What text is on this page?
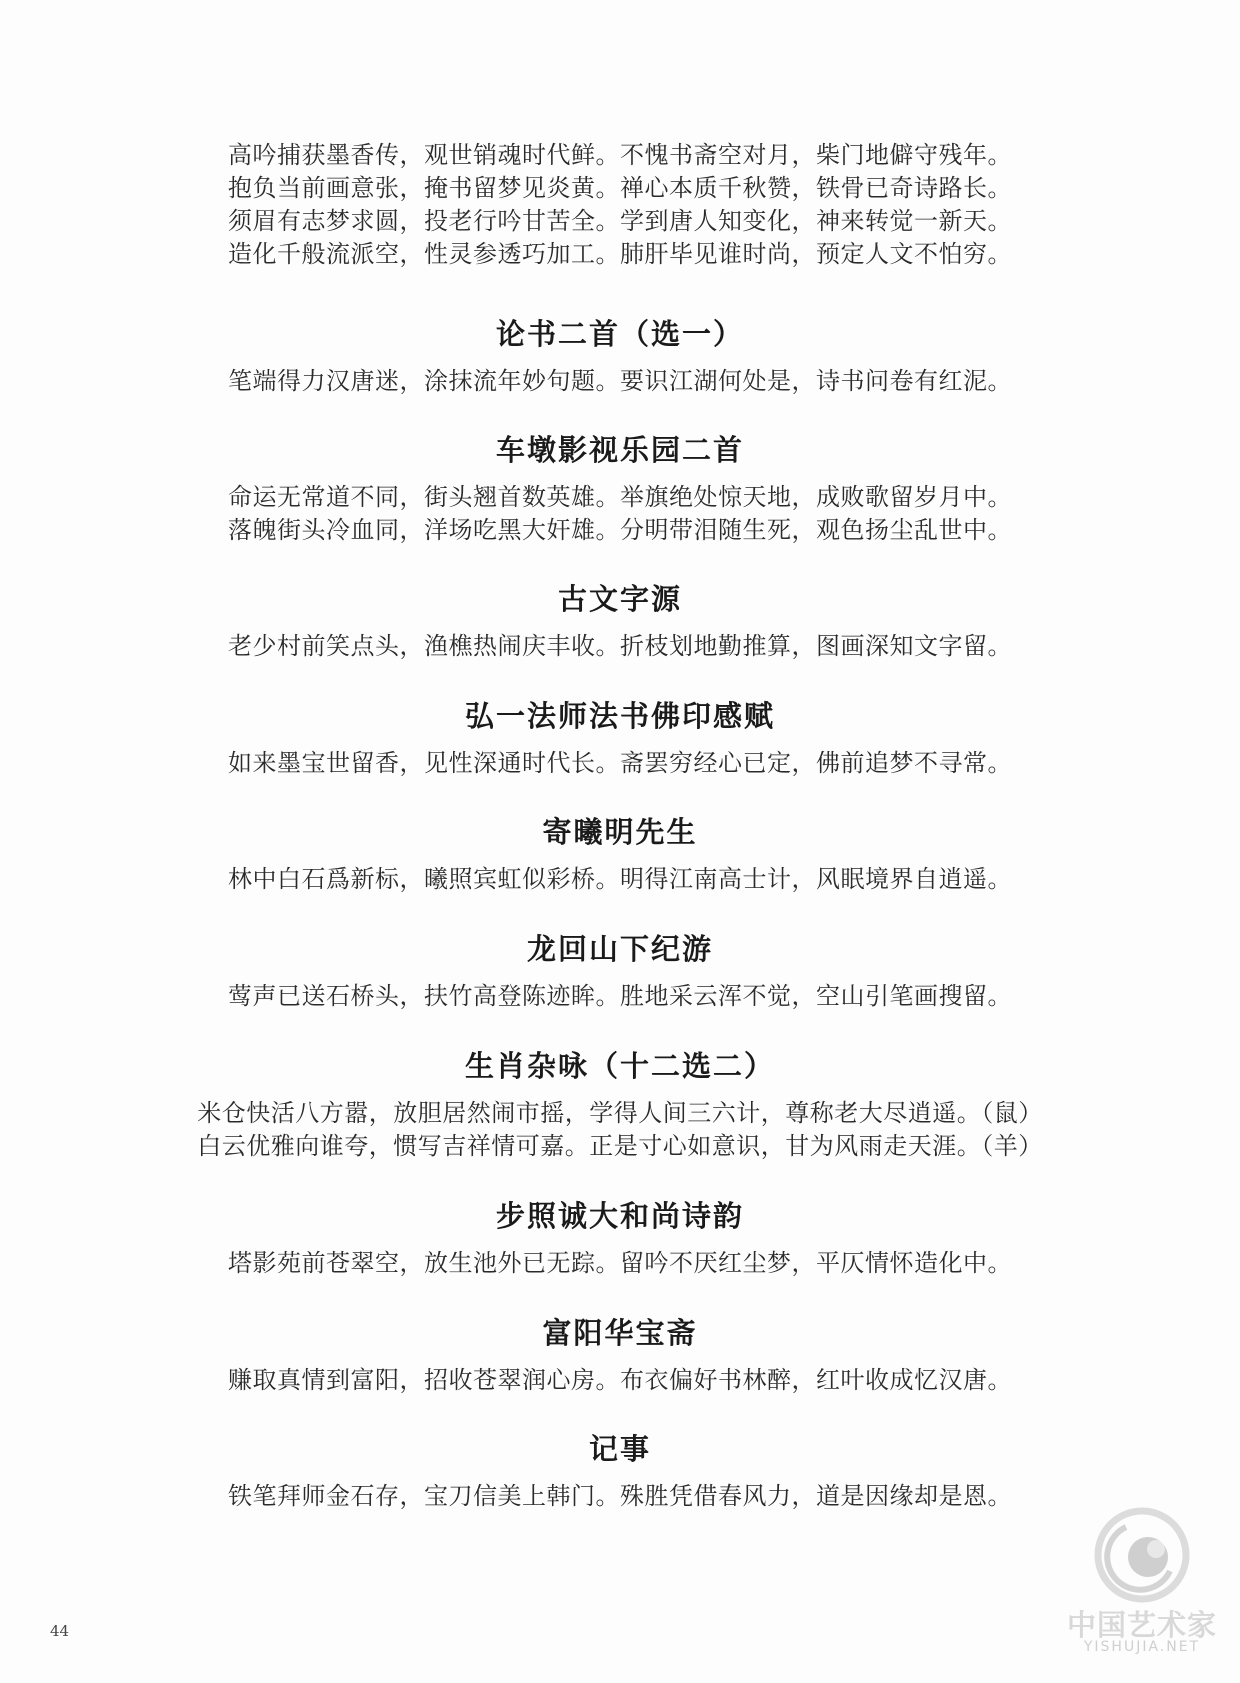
高吟捕获墨香传，观世销魂时代鲜。不愧书斋空对月，柴门地僻守残年。
抱负当前画意张，掩书留梦见炎黄。禅心本质千秋赞，铁骨已奇诗路长。
须眉有志梦求圆，投老行吟甘苦全。学到唐人知变化，神来转觉一新天。
造化千般流派空，性灵参透巧加工。肺肝毕见谁时尚，预定人文不怕穷。
论书二首（选一）
笔端得力汉唐迷，涂抹流年妙句题。要识江湖何处是，诗书问卷有红泥。
车墩影视乐园二首
命运无常道不同，街头翘首数英雄。举旗绝处惊天地，成败歌留岁月中。
落魄街头冷血同，洋场吃黑大奸雄。分明带泪随生死，观色扬尘乱世中。
古文字源
老少村前笑点头，渔樵热闹庆丰收。折枝划地勤推算，图画深知文字留。
弘一法师法书佛印感赋
如来墨宝世留香，见性深通时代长。斋罢穷经心已定，佛前追梦不寻常。
寄曦明先生
林中白石爲新标，曦照宾虹似彩桥。明得江南高士计，风眠境界自逍遥。
龙回山下纪游
莺声已送石桥头，扶竹高登陈迹眸。胜地采云浑不觉，空山引笔画搜留。
生肖杂咏（十二选二）
米仓快活八方嚣，放胆居然闹市摇，学得人间三六计，尊称老大尽逍遥。（鼠）
白云优雅向谁夸，惯写吉祥情可嘉。正是寸心如意识，甘为风雨走天涯。（羊）
步照诚大和尚诗韵
塔影苑前苍翠空，放生池外已无踪。留吟不厌红尘梦，平仄情怀造化中。
富阳华宝斋
赚取真情到富阳，招收苍翠润心房。布衣偏好书林醉，红叶收成忆汉唐。
记事
铁笔拜师金石存，宝刀信美上韩门。殊胜凭借春风力，道是因缘却是恩。
44	中国艺术家
YISHUJIA.NET
